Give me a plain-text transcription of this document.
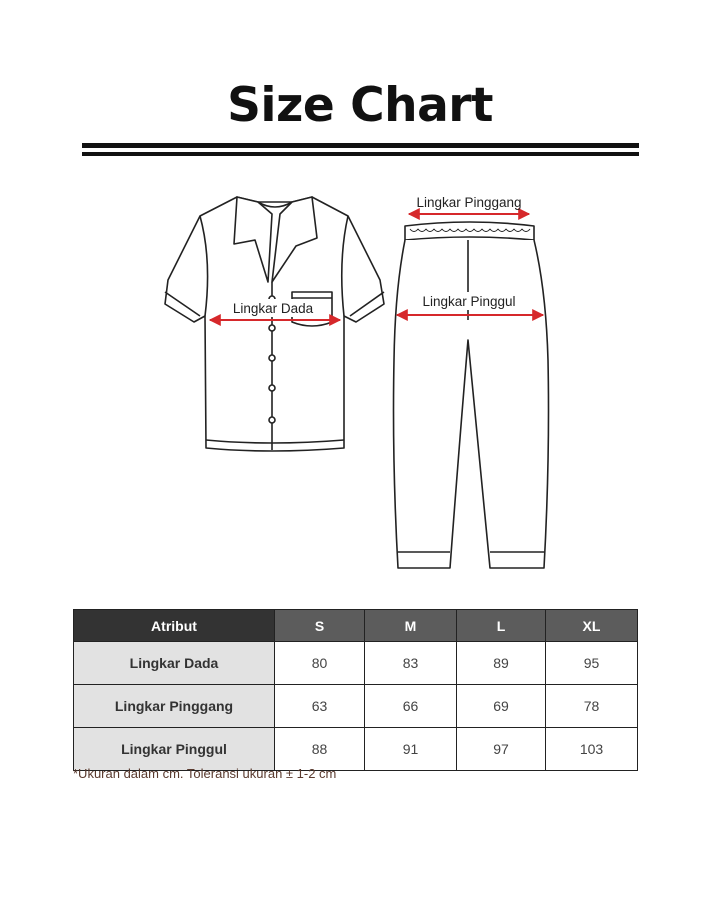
Size Chart
Lingkar Dada
Lingkar Pinggang
Lingkar Pinggul
Atribut	S	M	L	XL
Lingkar Dada	80	83	89	95
Lingkar Pinggang	63	66	69	78
Lingkar Pinggul	88	91	97	103
*Ukuran dalam cm. Toleransi ukuran ± 1-2 cm
